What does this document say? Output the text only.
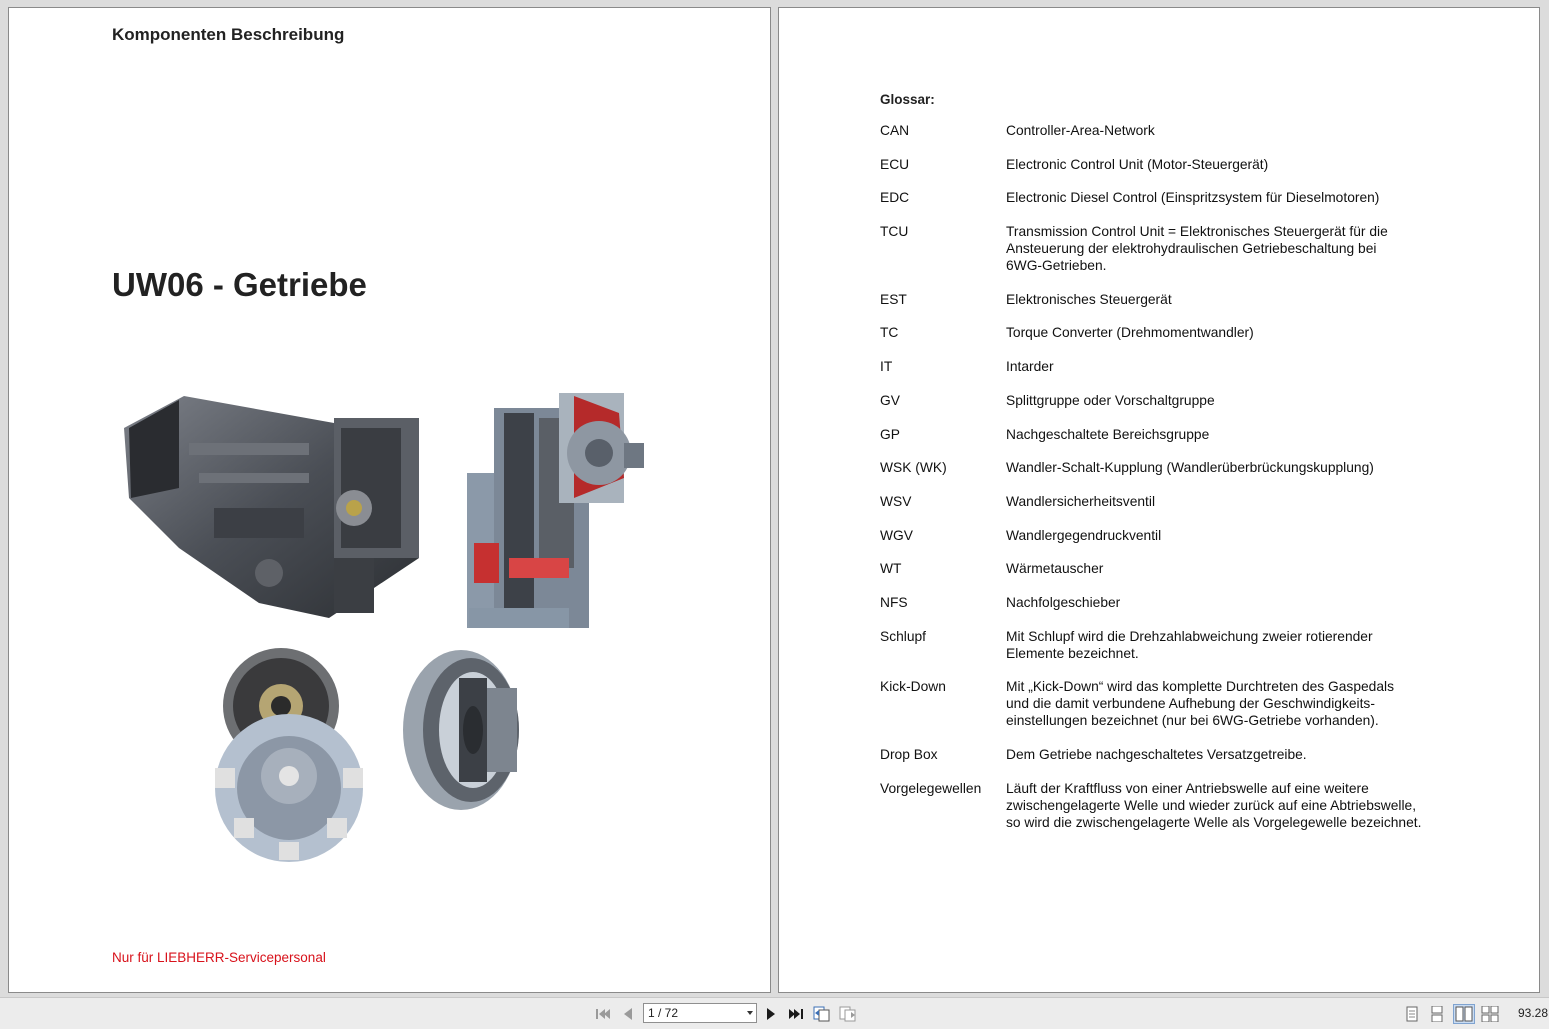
Komponenten Beschreibung
UW06 - Getriebe
Nur für LIEBHERR-Servicepersonal
Glossar:
CAN	Controller-Area-Network
ECU	Electronic Control Unit (Motor-Steuergerät)
EDC	Electronic Diesel Control (Einspritzsystem für Dieselmotoren)
TCU	Transmission Control Unit = Elektronisches Steuergerät für die
Ansteuerung der elektrohydraulischen Getriebeschaltung bei
6WG-Getrieben.
EST	Elektronisches Steuergerät
TC	Torque Converter (Drehmomentwandler)
IT	Intarder
GV	Splittgruppe oder Vorschaltgruppe
GP	Nachgeschaltete Bereichsgruppe
WSK (WK)	Wandler-Schalt-Kupplung (Wandlerüberbrückungskupplung)
WSV	Wandlersicherheitsventil
WGV	Wandlergegendruckventil
WT	Wärmetauscher
NFS	Nachfolgeschieber
Schlupf	Mit Schlupf wird die Drehzahlabweichung zweier rotierender
Elemente bezeichnet.
Kick-Down	Mit „Kick-Down“ wird das komplette Durchtreten des Gaspedals
und die damit verbundene Aufhebung der Geschwindigkeits-
einstellungen bezeichnet (nur bei 6WG-Getriebe vorhanden).
Drop Box	Dem Getriebe nachgeschaltetes Versatzgetreibe.
Vorgelegewellen	Läuft der Kraftfluss von einer Antriebswelle auf eine weitere
zwischengelagerte Welle und wieder zurück auf eine Abtriebswelle,
so wird die zwischengelagerte Welle als Vorgelegewelle bezeichnet.
1 / 72	93.28
